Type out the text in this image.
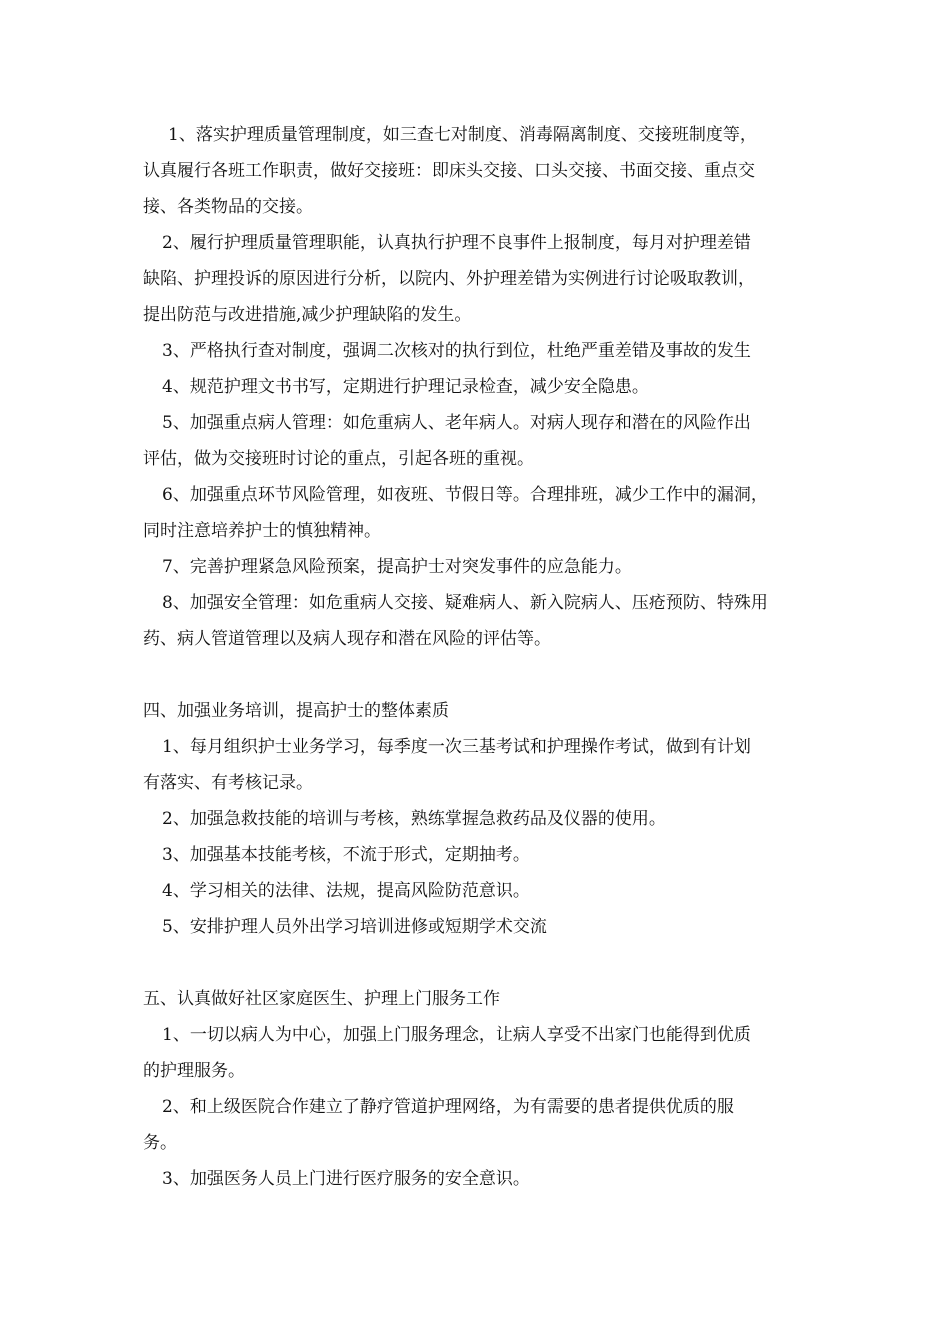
1、落实护理质量管理制度，如三查七对制度、消毒隔离制度、交接班制度等，
认真履行各班工作职责，做好交接班：即床头交接、口头交接、书面交接、重点交
接、各类物品的交接。

2、履行护理质量管理职能，认真执行护理不良事件上报制度，每月对护理差错
缺陷、护理投诉的原因进行分析，以院内、外护理差错为实例进行讨论吸取教训，
提出防范与改进措施,减少护理缺陷的发生。

3、严格执行查对制度，强调二次核对的执行到位，杜绝严重差错及事故的发生

4、规范护理文书书写，定期进行护理记录检查，减少安全隐患。

5、加强重点病人管理：如危重病人、老年病人。对病人现存和潜在的风险作出
评估，做为交接班时讨论的重点，引起各班的重视。

6、加强重点环节风险管理，如夜班、节假日等。合理排班，减少工作中的漏洞，
同时注意培养护士的慎独精神。

7、完善护理紧急风险预案，提高护士对突发事件的应急能力。

8、加强安全管理：如危重病人交接、疑难病人、新入院病人、压疮预防、特殊用
药、病人管道管理以及病人现存和潜在风险的评估等。

四、加强业务培训，提高护士的整体素质

1、每月组织护士业务学习，每季度一次三基考试和护理操作考试，做到有计划
有落实、有考核记录。

2、加强急救技能的培训与考核，熟练掌握急救药品及仪器的使用。

3、加强基本技能考核，不流于形式，定期抽考。

4、学习相关的法律、法规，提高风险防范意识。

5、安排护理人员外出学习培训进修或短期学术交流

五、认真做好社区家庭医生、护理上门服务工作

1、一切以病人为中心，加强上门服务理念，让病人享受不出家门也能得到优质
的护理服务。

2、和上级医院合作建立了静疗管道护理网络，为有需要的患者提供优质的服
务。

3、加强医务人员上门进行医疗服务的安全意识。
